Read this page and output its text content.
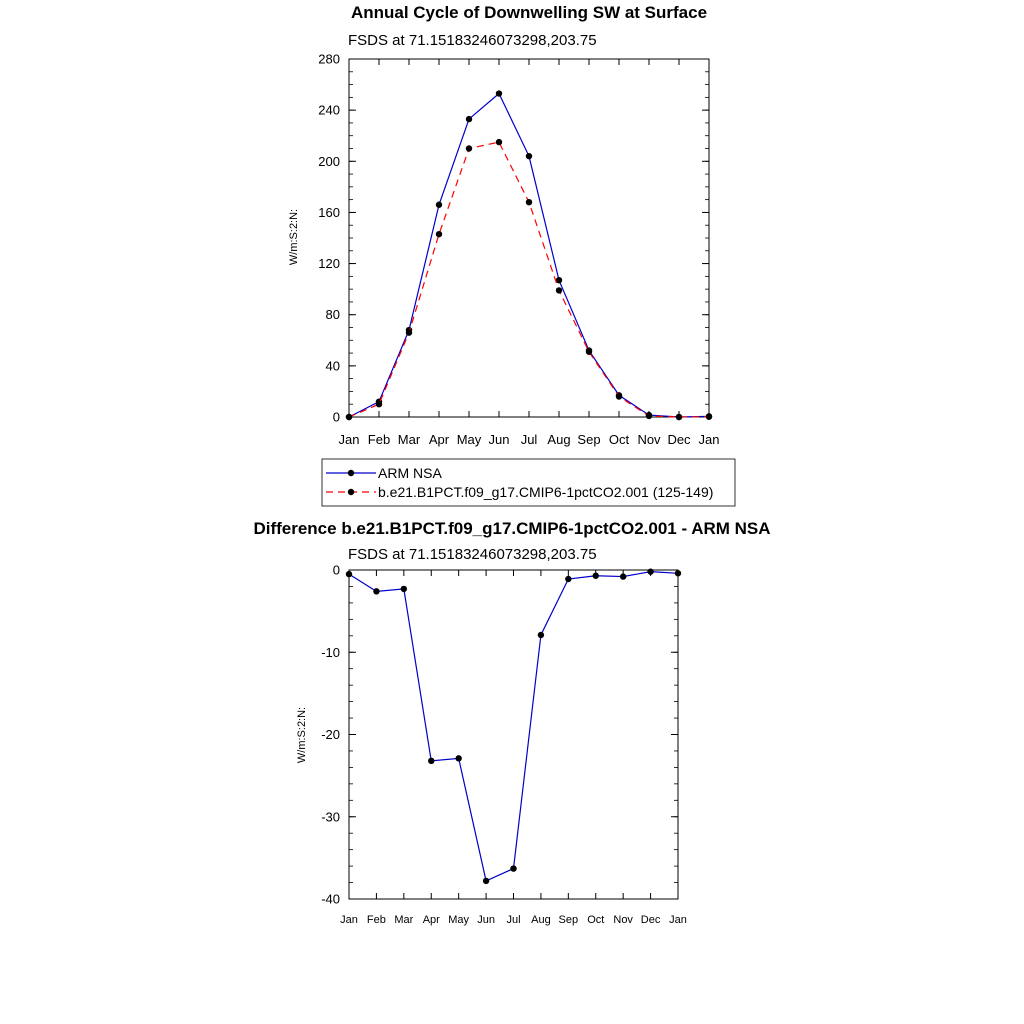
Annual Cycle of Downwelling SW at Surface
FSDS at 71.15183246073298,203.75
W/m:S:2:N:
Jan Feb Mar Apr May Jun Jul Aug Sep Oct Nov Dec Jan
0
40
80
120
160
200
240
280
ARM NSA
b.e21.B1PCT.f09_g17.CMIP6-1pctCO2.001 (125-149)
Difference b.e21.B1PCT.f09_g17.CMIP6-1pctCO2.001 - ARM NSA
FSDS at 71.15183246073298,203.75
W/m:S:2:N:
Jan Feb Mar Apr May Jun Jul Aug Sep Oct Nov Dec Jan
-40
-30
-20
-10
0
